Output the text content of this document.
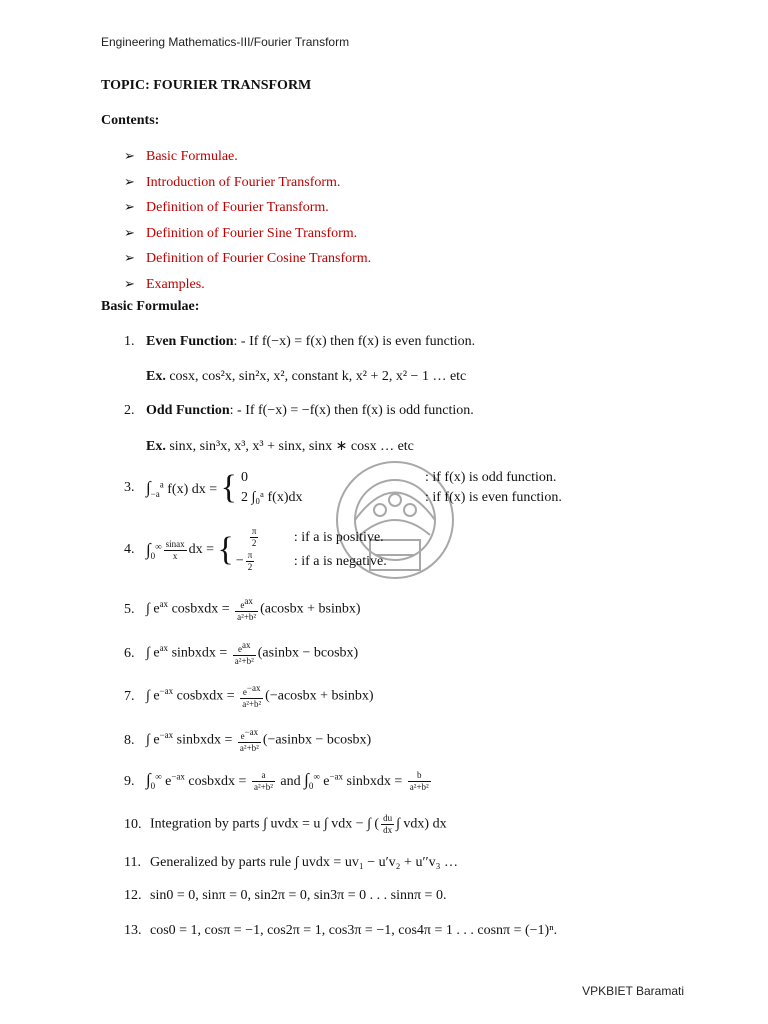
Engineering Mathematics-III/Fourier Transform
TOPIC: FOURIER TRANSFORM
Contents:
➢ Basic Formulae.
➢ Introduction of Fourier Transform.
➢ Definition of Fourier Transform.
➢ Definition of Fourier Sine Transform.
➢ Definition of Fourier Cosine Transform.
➢ Examples.
Basic Formulae:
1. Even Function: - If f(−x) = f(x) then f(x) is even function.
Ex. cosx, cos²x, sin²x, x², constant k, x² + 2, x² − 1 … etc
2. Odd Function: - If f(−x) = −f(x) then f(x) is odd function.
Ex. sinx, sin³x, x³, x³ + sinx, sinx ∗ cosx … etc
3. $\int_{-a}^a$ f(x) dx = { 0	: if f(x) is odd function.
2 ∫₀ᵃ f(x)dx	: if f(x) is even function.
4. $\int_0^\infty \frac{\text{sinax}}{x}$ dx = { $\frac{\pi}{2}$	: if a is positive.
− $\frac{\pi}{2}$	: if a is negative.
5. ∫ $e^{ax}$ cosbxdx = $\frac{e^{ax}}{\text{a²+b²}}$ (acosbx + bsinbx)
6. ∫ $e^{ax}$ sinbxdx = $\frac{e^{ax}}{\text{a²+b²}}$ (asinbx − bcosbx)
7. ∫ $e^{-ax}$ cosbxdx = $\frac{e^{-ax}}{\text{a²+b²}}$ (−acosbx + bsinbx)
8. ∫ $e^{-ax}$ sinbxdx = $\frac{e^{-ax}}{\text{a²+b²}}$ (−asinbx − bcosbx)
9. $\int_0^\infty$ $e^{-ax}$ cosbxdx = $\frac{a}{\text{a²+b²}}$ and $\int_0^\infty$ $e^{-ax}$ sinbxdx = $\frac{b}{\text{a²+b²}}$
10. Integration by parts ∫ uvdx = u ∫ vdx − ∫ ( $\frac{du}{dx}$ ∫ vdx) dx
11. Generalized by parts rule ∫ uvdx = uv₁ − u′v₂ + u′′v₃ …
12. sin0 = 0, sinπ = 0, sin2π = 0, sin3π = 0 . . . sinnπ = 0.
13. cos0 = 1, cosπ = −1, cos2π = 1, cos3π = −1, cos4π = 1 . . . cosnπ = (−1)ⁿ.
VPKBIET Baramati
